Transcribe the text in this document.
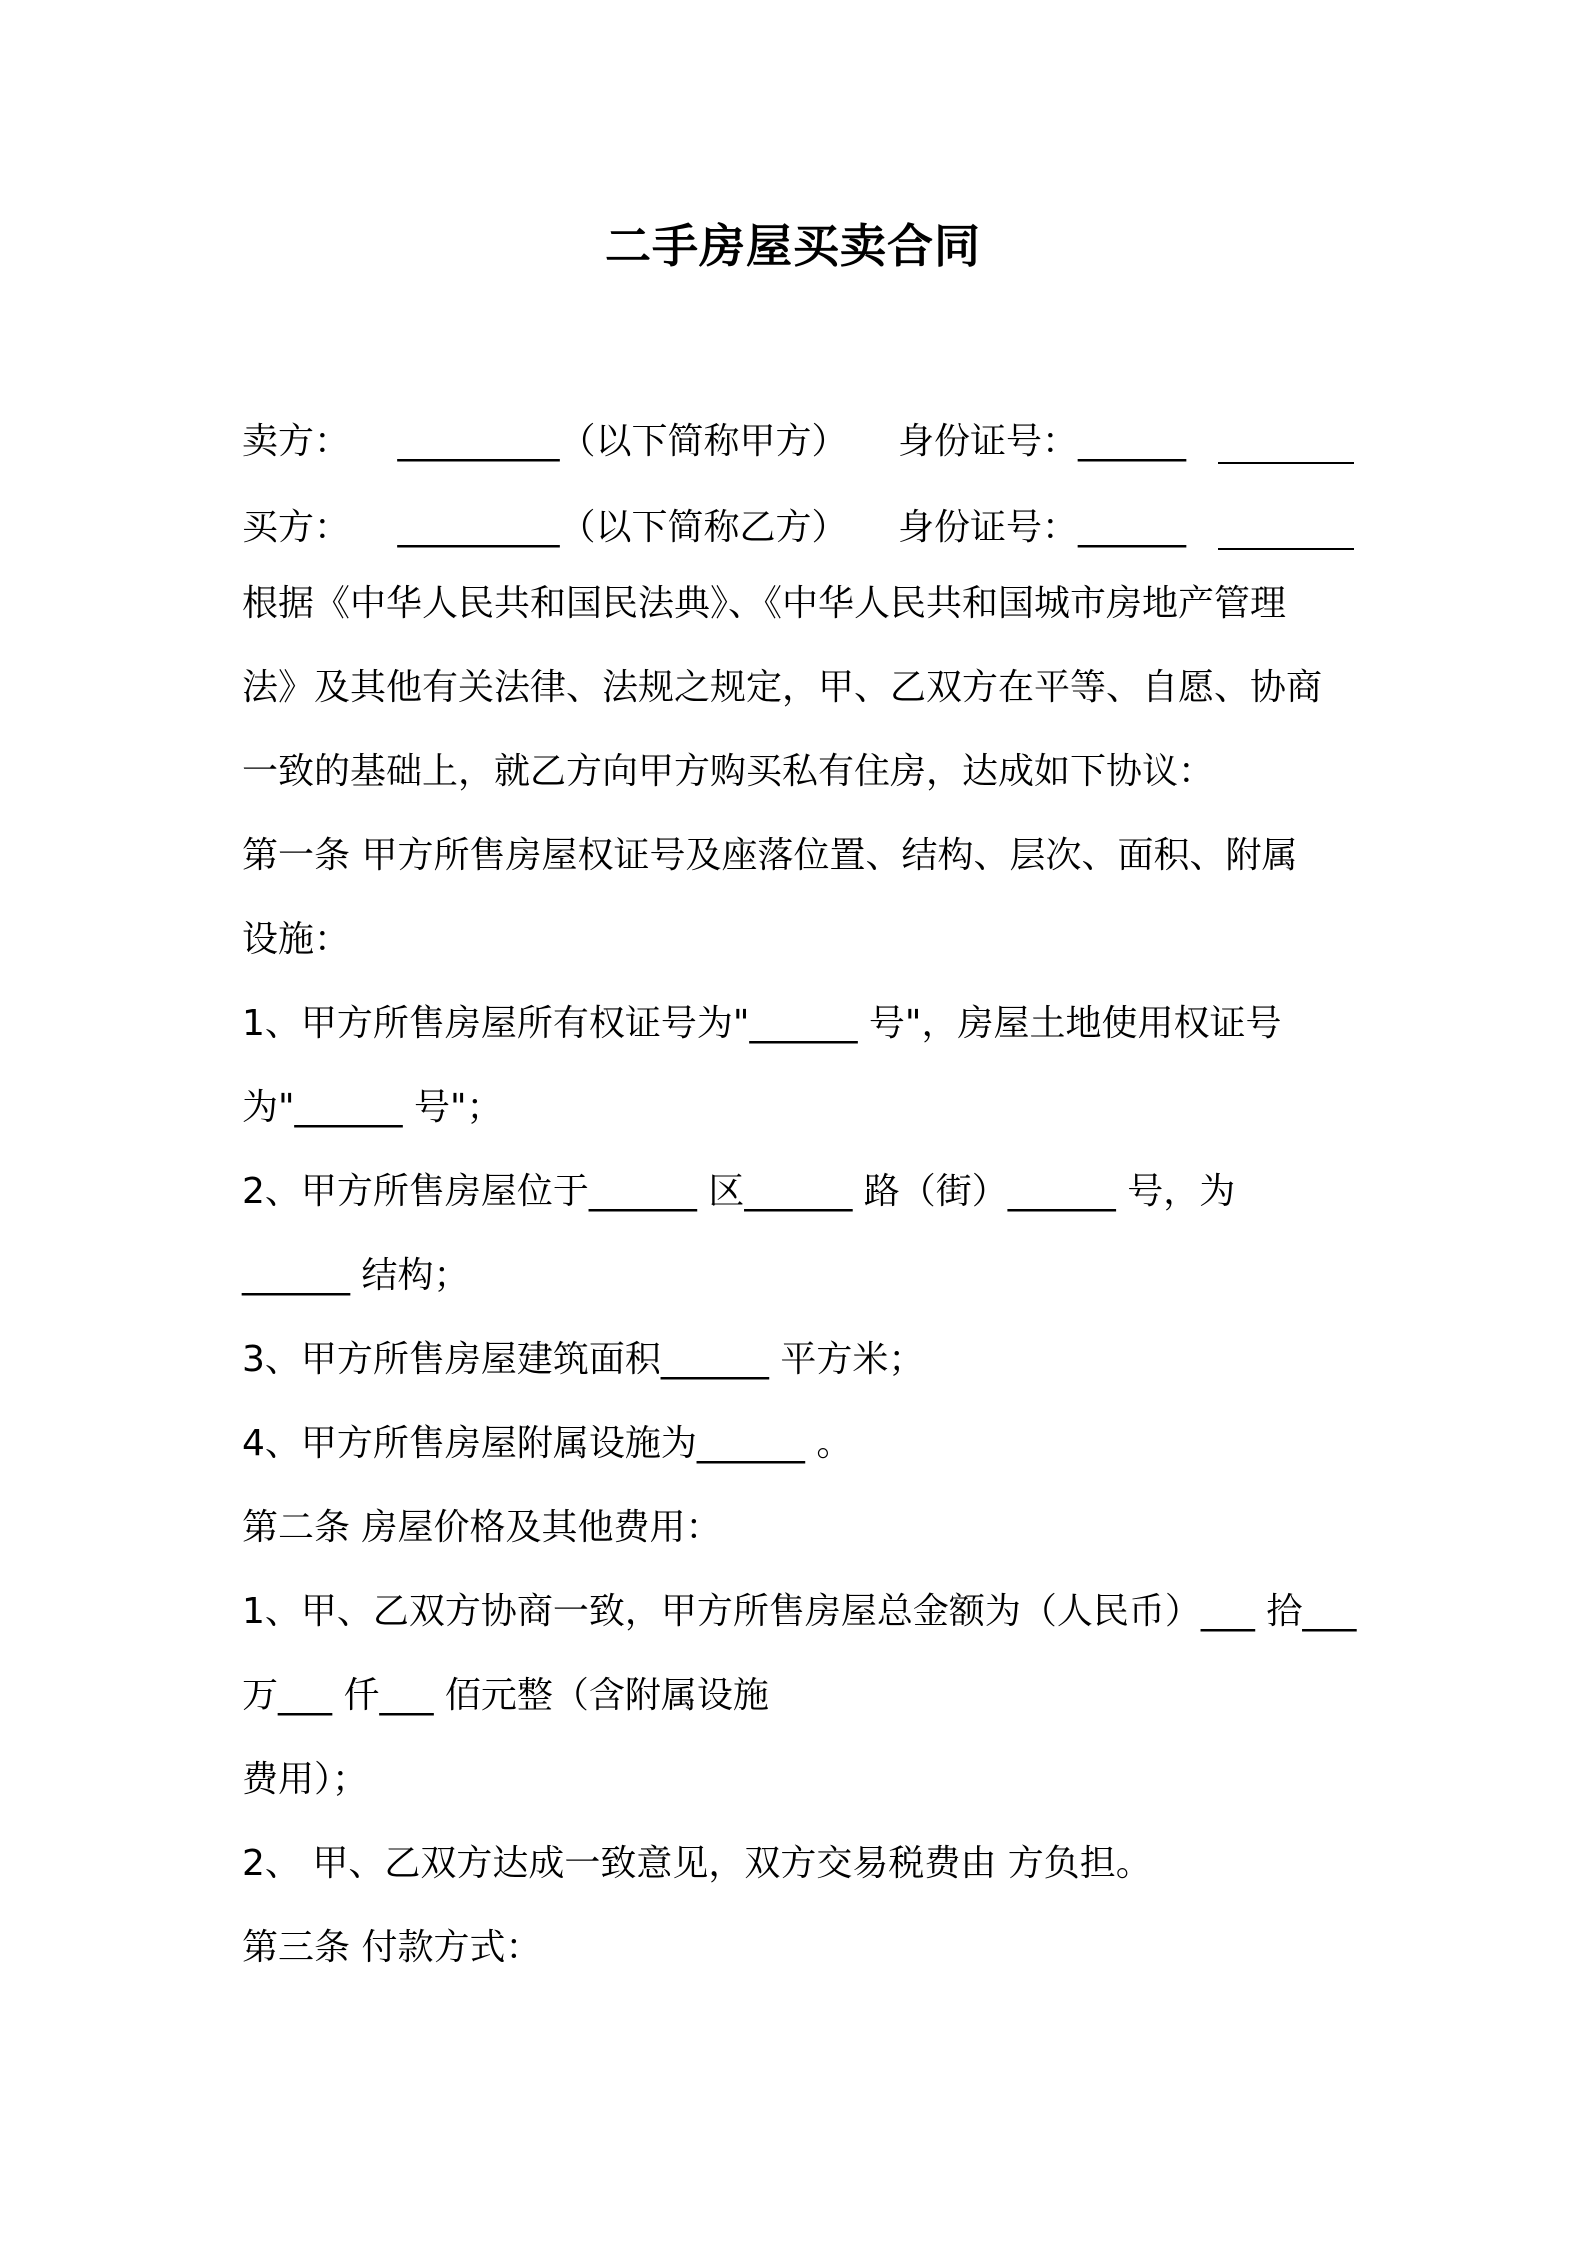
二手房屋买卖合同
卖方： _________（以下简称甲方） 身份证号：______
买方： _________（以下简称乙方） 身份证号：______
根据《中华人民共和国民法典》、《中华人民共和国城市房地产管理
法》及其他有关法律、法规之规定，甲、乙双方在平等、自愿、协商
一致的基础上，就乙方向甲方购买私有住房，达成如下协议：
第一条 甲方所售房屋权证号及座落位置、结构、层次、面积、附属
设施：
1、甲方所售房屋所有权证号为"______ 号"，房屋土地使用权证号
为"______ 号"；
2、甲方所售房屋位于______ 区______ 路（街）______ 号，为
______ 结构；
3、甲方所售房屋建筑面积______ 平方米；
4、甲方所售房屋附属设施为______ 。
第二条 房屋价格及其他费用：
1、甲、乙双方协商一致，甲方所售房屋总金额为（人民币）___ 拾___
万___ 仟___ 佰元整（含附属设施
费用）；
2、 甲、乙双方达成一致意见，双方交易税费由 方负担。
第三条 付款方式：
